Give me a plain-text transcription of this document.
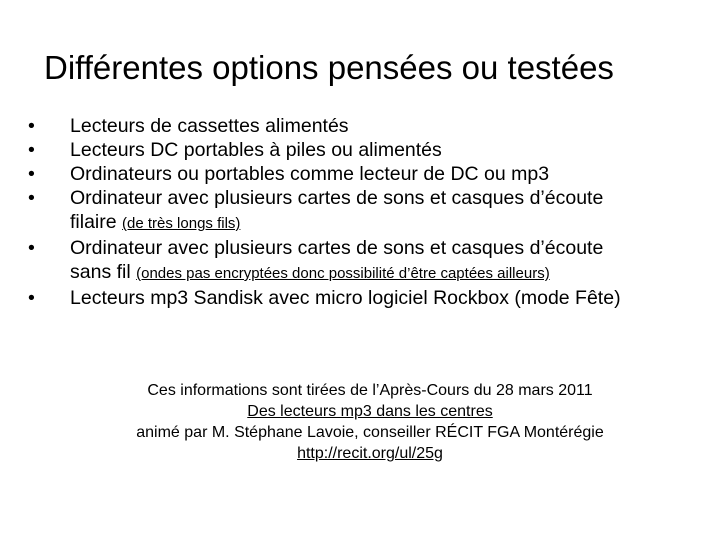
Différentes options pensées ou testées
• Lecteurs de cassettes alimentés
• Lecteurs DC portables à piles ou alimentés
• Ordinateurs ou portables comme lecteur de DC ou mp3
• Ordinateur avec plusieurs cartes de sons et casques d’écoute
filaire (de très longs fils)
• Ordinateur avec plusieurs cartes de sons et casques d’écoute
sans fil (ondes pas encryptées donc possibilité d’être captées ailleurs)
• Lecteurs mp3 Sandisk avec micro logiciel Rockbox (mode Fête)
Ces informations sont tirées de l’Après-Cours du 28 mars 2011
Des lecteurs mp3 dans les centres
animé par M. Stéphane Lavoie, conseiller RÉCIT FGA Montérégie
http://recit.org/ul/25g
